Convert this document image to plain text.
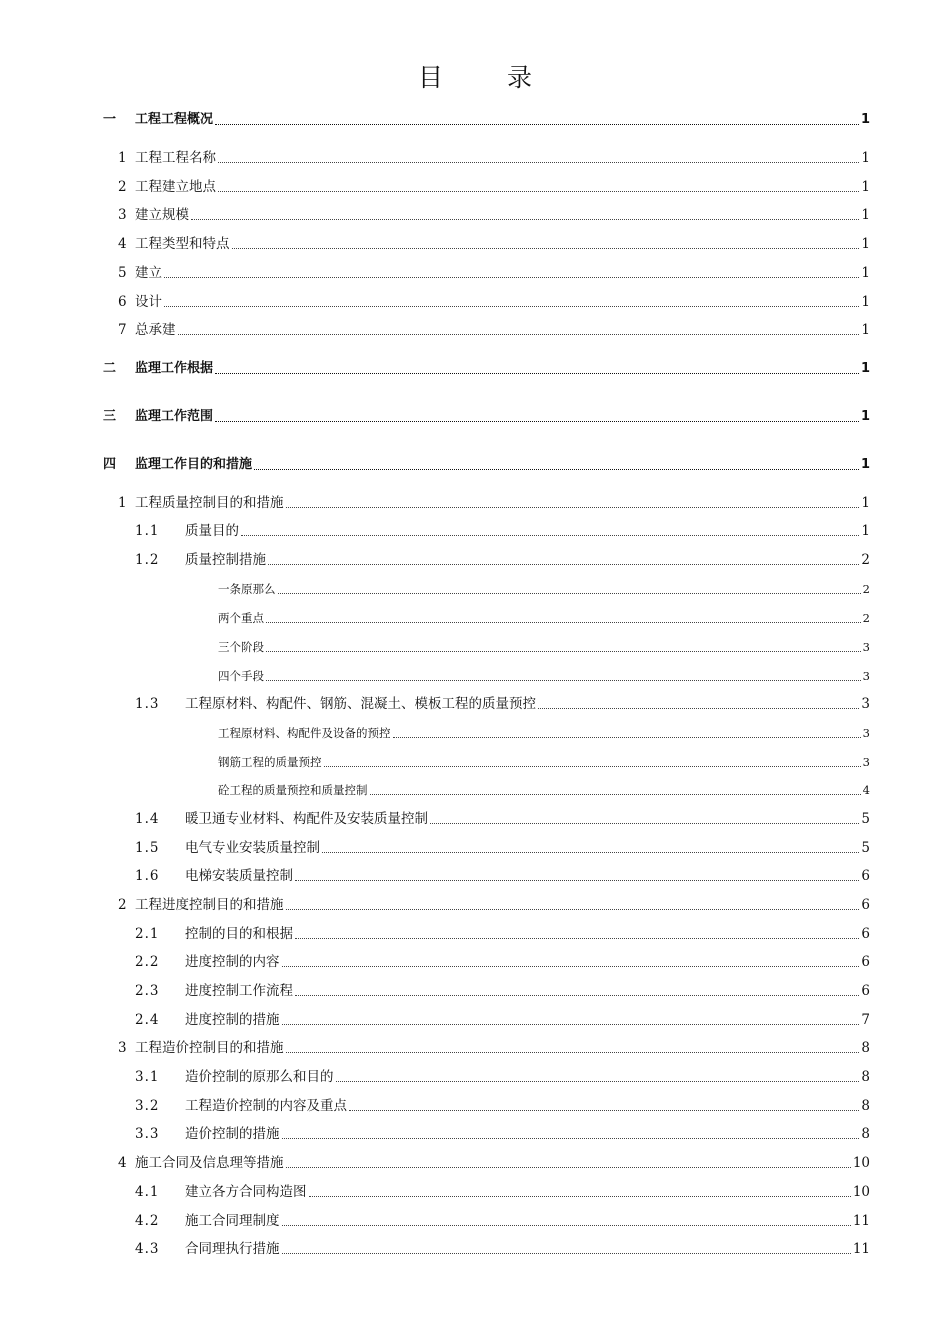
目 录
一	工程工程概况	1
1 工程工程名称	1
2 工程建立地点	1
3 建立规模	1
4 工程类型和特点	1
5 建立	1
6 设计	1
7 总承建	1
二	监理工作根据	1
三	监理工作范围	1
四	监理工作目的和措施	1
1 工程质量控制目的和措施	1
1.1	质量目的	1
1.2	质量控制措施	2
一条原那么	2
两个重点	2
三个阶段	3
四个手段	3
1.3	工程原材料、构配件、钢筋、混凝土、模板工程的质量预控	3
工程原材料、构配件及设备的预控	3
钢筋工程的质量预控	3
砼工程的质量预控和质量控制	4
1.4	暖卫通专业材料、构配件及安装质量控制	5
1.5	电气专业安装质量控制	5
1.6	电梯安装质量控制	6
2 工程进度控制目的和措施	6
2.1	控制的目的和根据	6
2.2	进度控制的内容	6
2.3	进度控制工作流程	6
2.4	进度控制的措施	7
3 工程造价控制目的和措施	8
3.1	造价控制的原那么和目的	8
3.2	工程造价控制的内容及重点	8
3.3	造价控制的措施	8
4 施工合同及信息理等措施	10
4.1	建立各方合同构造图	10
4.2	施工合同理制度	11
4.3	合同理执行措施	11
